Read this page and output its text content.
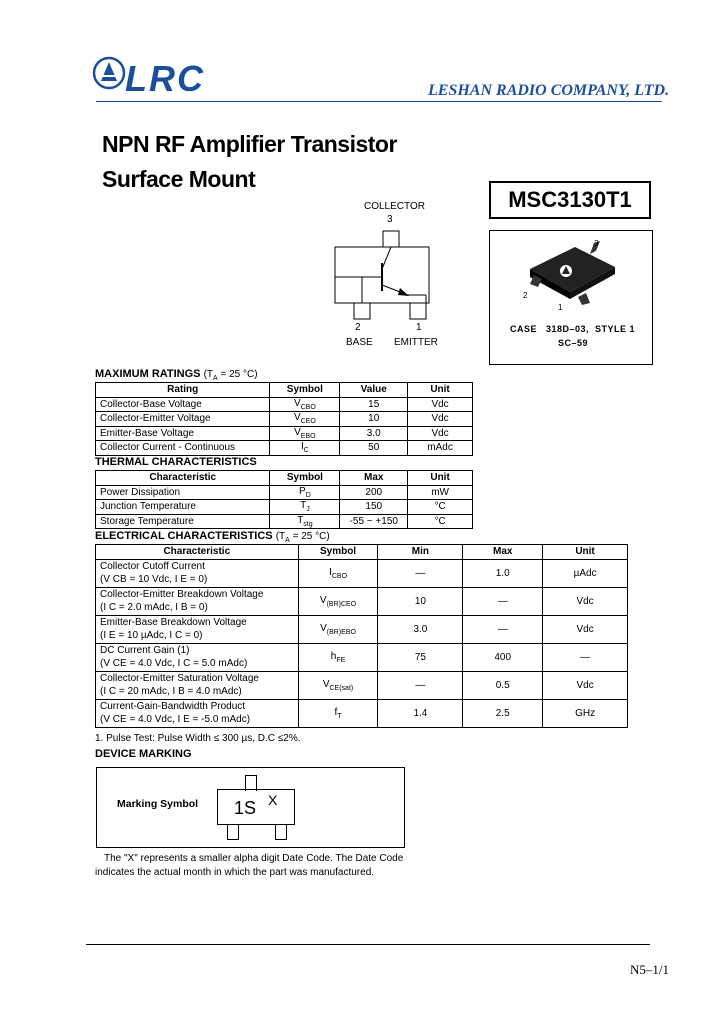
LRC	LESHAN RADIO COMPANY, LTD.
NPN RF Amplifier Transistor
Surface Mount
COLLECTOR
3
2	1
BASE EMITTER
MSC3130T1
3
2
1
CASE   318D–03,  STYLE 1
SC–59
MAXIMUM RATINGS ($T_A = 25$ °C)
Rating	Symbol	Value	Unit
Collector-Base Voltage	$V_{CBO}$	15	Vdc
Collector-Emitter Voltage	$V_{CEO}$	10	Vdc
Emitter-Base Voltage	$V_{EBO}$	3.0	Vdc
Collector Current - Continuous	$I_C$	50	mAdc
THERMAL CHARACTERISTICS
Characteristic	Symbol	Max	Unit
Power Dissipation	$P_D$	200	mW
Junction Temperature	$T_J$	150	°C
Storage Temperature	$T_{stg}$	-55 ~ +150	°C
ELECTRICAL CHARACTERISTICS ($T_A = 25$ °C)
Characteristic	Symbol	Min	Max	Unit

Collector Cutoff Current
(V CB = 10 Vdc, I E = 0)	$I_{CBO}$	—	1.0	µAdc

Collector-Emitter Breakdown Voltage
(I C = 2.0 mAdc, I B = 0)	$V_{(BR)CEO}$	10	—	Vdc

Emitter-Base Breakdown Voltage
(I E = 10 µAdc, I C = 0)	$V_{(BR)EBO}$	3.0	—	Vdc

DC Current Gain (1)
(V CE = 4.0 Vdc, I C = 5.0 mAdc)	$h_{FE}$	75	400	—

Collector-Emitter Saturation Voltage
(I C = 20 mAdc, I B = 4.0 mAdc)	$V_{CE(sat)}$	—	0.5	Vdc

Current-Gain-Bandwidth Product
(V CE = 4.0 Vdc, I E = -5.0 mAdc)	$f_T$	1.4	2.5	GHz
1. Pulse Test: Pulse Width ≤ 300 µs, D.C ≤2%.
DEVICE MARKING
Marking Symbol 1S X
The "X" represents a smaller alpha digit Date Code. The Date Code
indicates the actual month in which the part was manufactured.
N5–1/1
